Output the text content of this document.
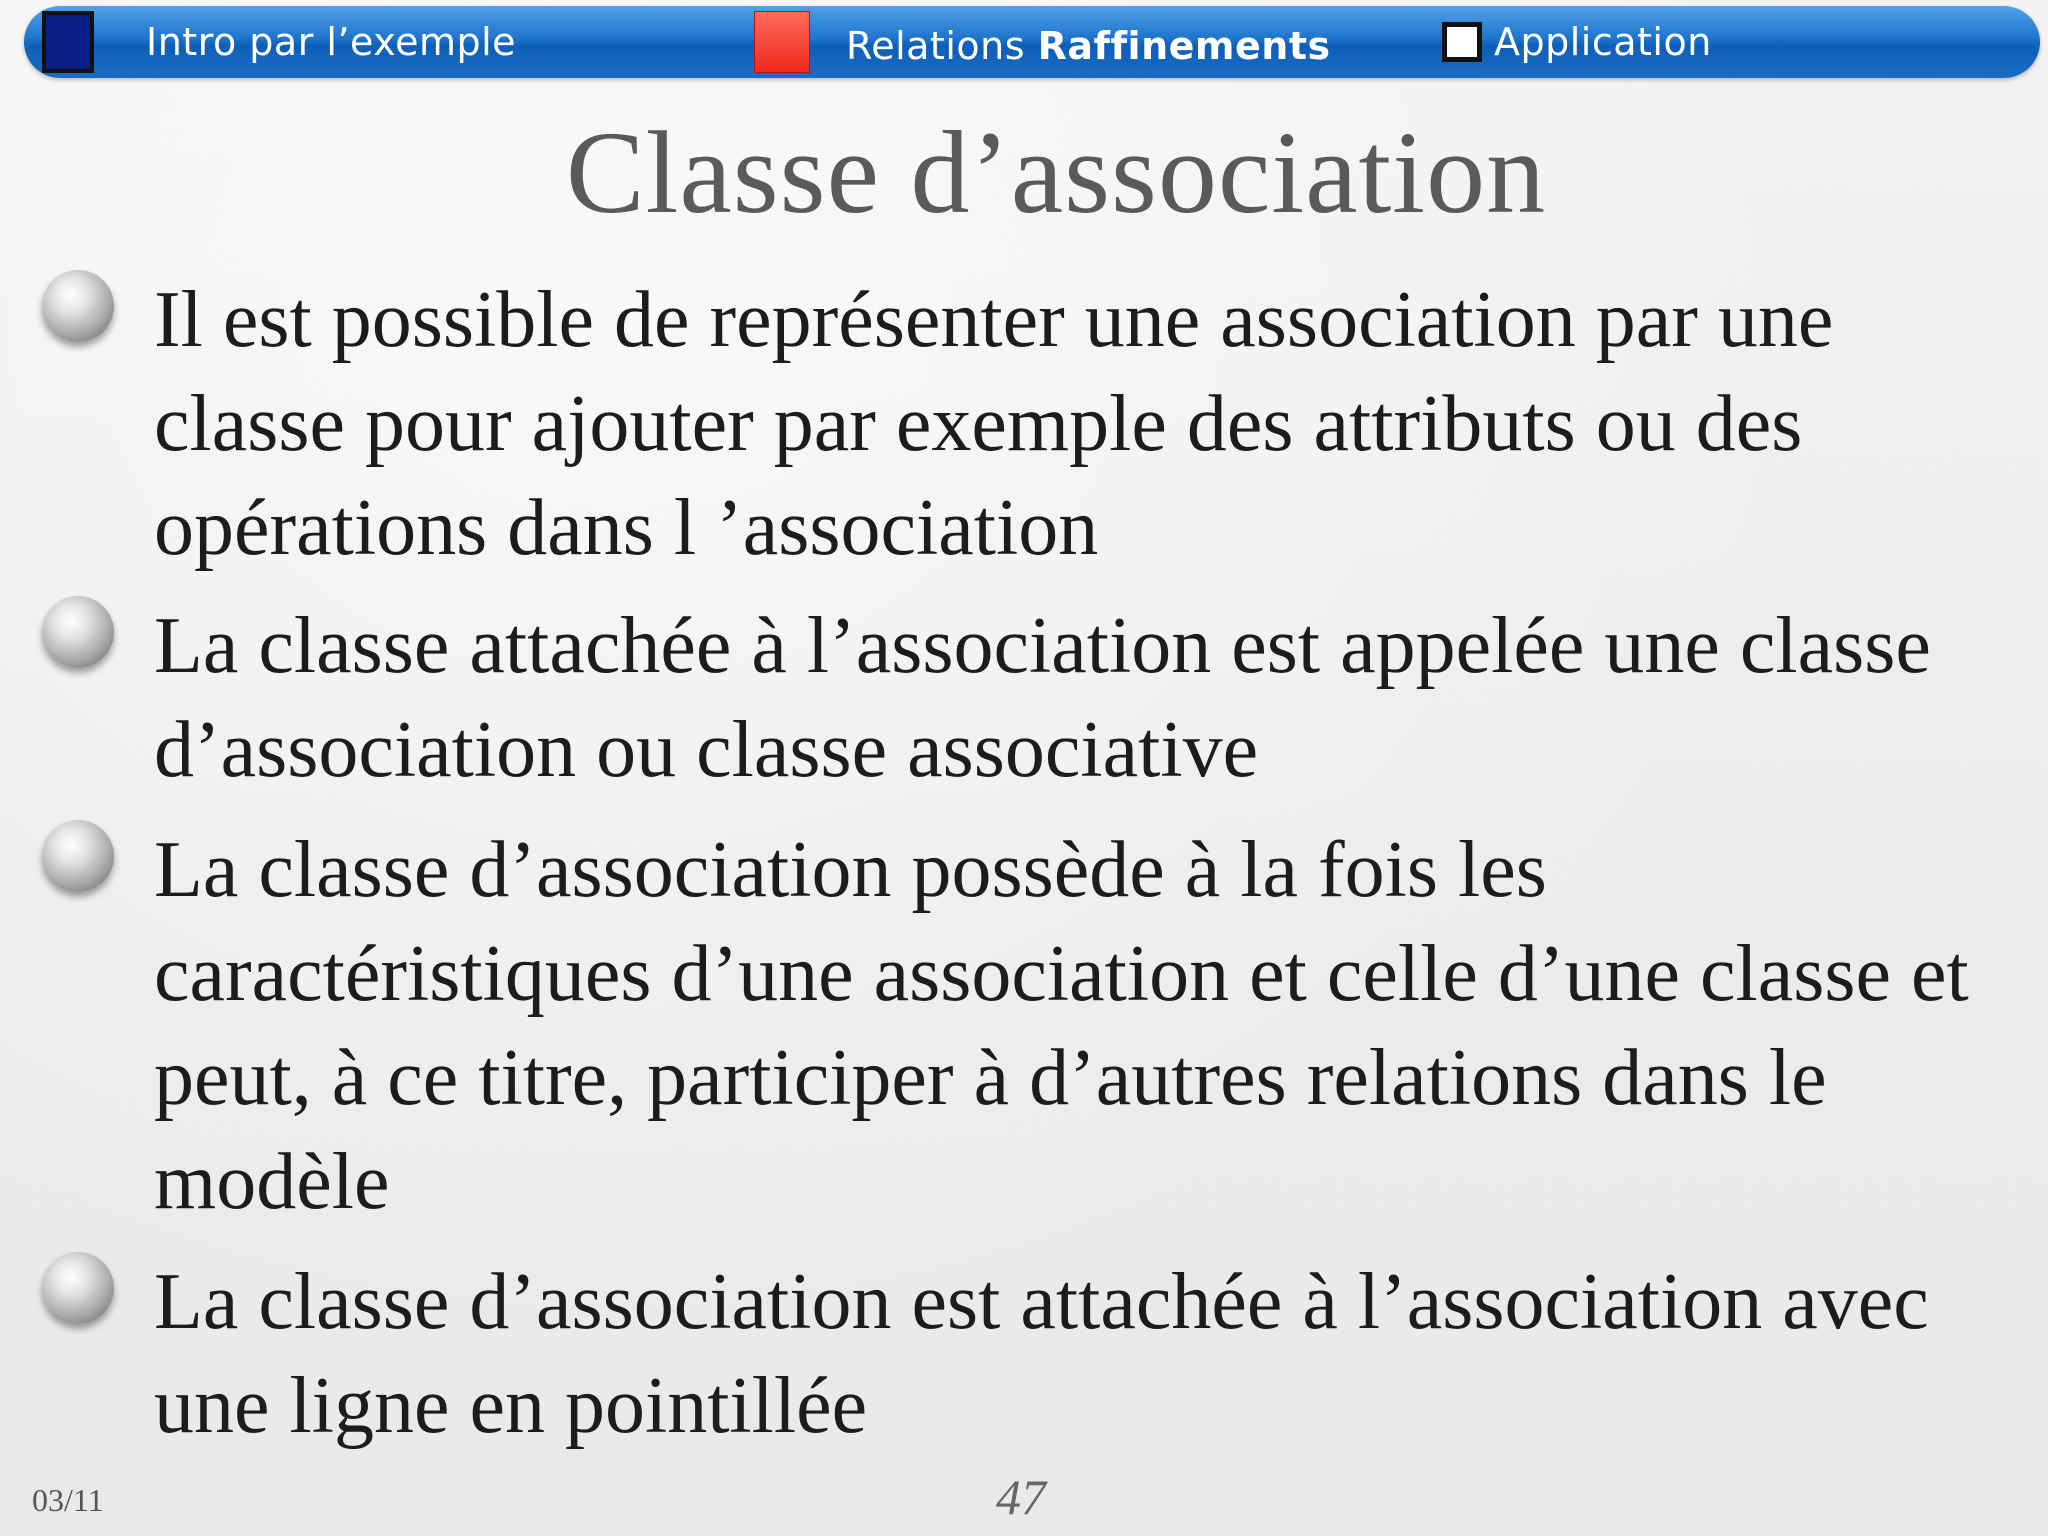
Intro par l’exemple	Relations Raffinements	Application
Classe d’association

Il est possible de représenter une association par une classe pour ajouter par exemple des attributs ou des opérations dans l ’association

La classe attachée à l’association est appelée une classe d’association ou classe associative

La classe d’association possède à la fois les caractéristiques d’une association et celle d’une classe et peut, à ce titre, participer à d’autres relations dans le modèle

La classe d’association est attachée à l’association avec une ligne en pointillée

03/11	47
